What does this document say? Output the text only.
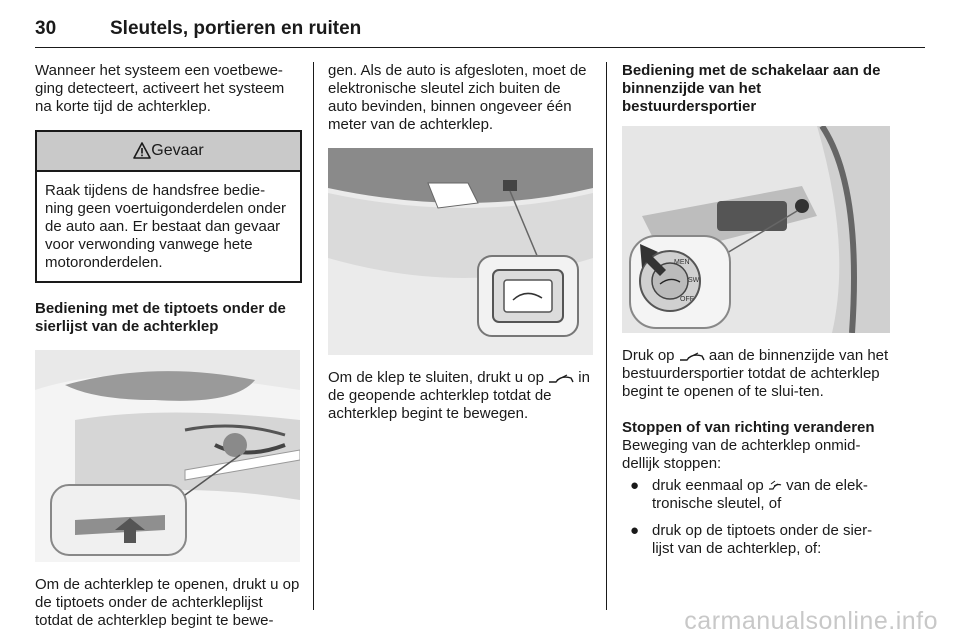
30	Sleutels, portieren en ruiten

Wanneer het systeem een voetbewe-ging detecteert, activeert het systeem na korte tijd de achterklep.

Gevaar
Raak tijdens de handsfree bedie-ning geen voertuigonderdelen onder de auto aan. Er bestaat dan gevaar voor verwonding vanwege hete motoronderdelen.

Bediening met de tiptoets onder de sierlijst van de achterklep

Om de achterklep te openen, drukt u op de tiptoets onder de achterkleplijst totdat de achterklep begint te bewe-

gen. Als de auto is afgesloten, moet de elektronische sleutel zich buiten de auto bevinden, binnen ongeveer één meter van de achterklep.

Om de klep te sluiten, drukt u op in de geopende achterklep totdat de achterklep begint te bewegen.

Bediening met de schakelaar aan de binnenzijde van het bestuurdersportier

MEN
SW
OFF

Druk op aan de binnenzijde van het bestuurdersportier totdat de achterklep begint te openen of te slui-ten.

Stoppen of van richting veranderen

Beweging van de achterklep onmid-dellijk stoppen:

● druk eenmaal op van de elek-tronische sleutel, of
● druk op de tiptoets onder de sier-lijst van de achterklep, of:
carmanualsonline.info
